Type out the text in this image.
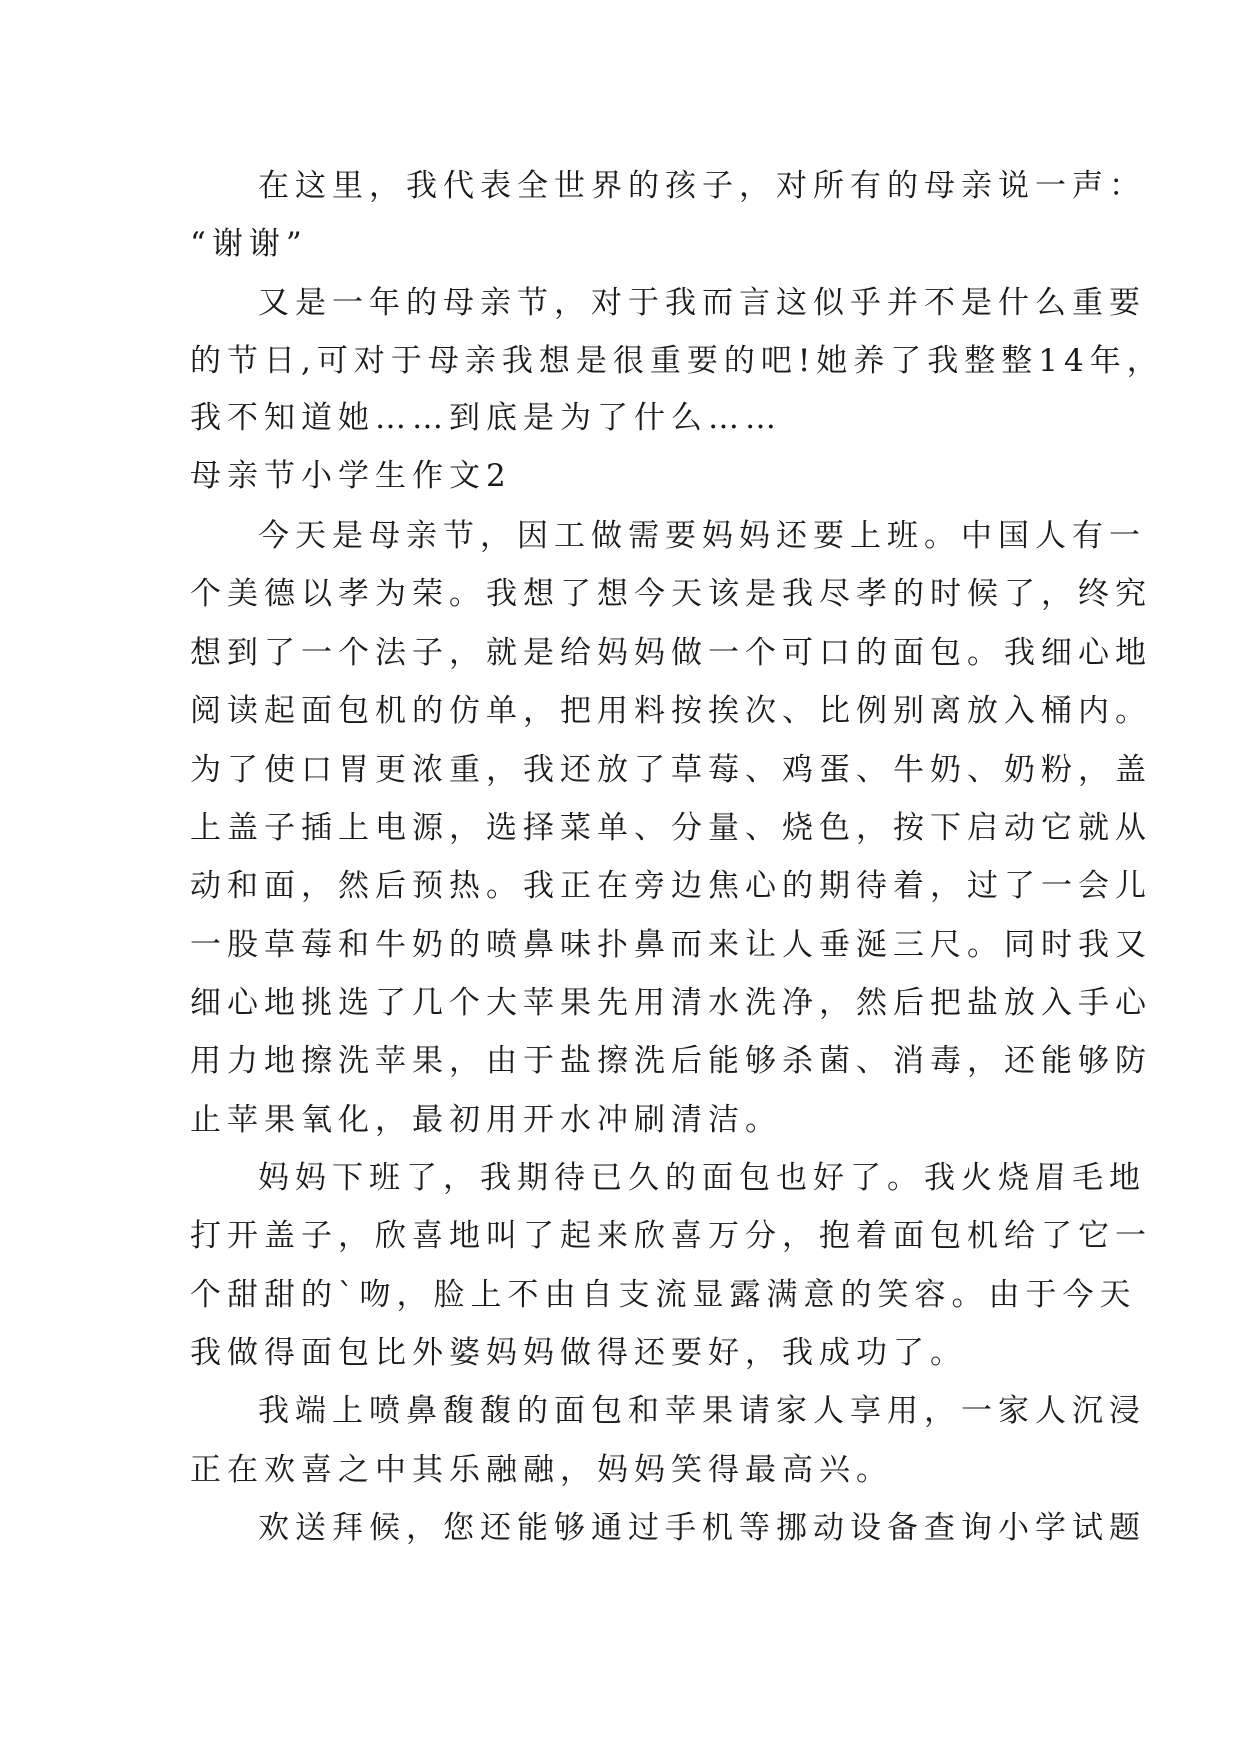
在这里，我代表全世界的孩子，对所有的母亲说一声：
“谢谢”
又是一年的母亲节，对于我而言这似乎并不是什么重要
的节日,可对于母亲我想是很重要的吧!她养了我整整14年，
我不知道她……到底是为了什么……
母亲节小学生作文2
今天是母亲节，因工做需要妈妈还要上班。中国人有一
个美德以孝为荣。我想了想今天该是我尽孝的时候了，终究
想到了一个法子，就是给妈妈做一个可口的面包。我细心地
阅读起面包机的仿单，把用料按挨次、比例别离放入桶内。
为了使口胃更浓重，我还放了草莓、鸡蛋、牛奶、奶粉，盖
上盖子插上电源，选择菜单、分量、烧色，按下启动它就从
动和面，然后预热。我正在旁边焦心的期待着，过了一会儿
一股草莓和牛奶的喷鼻味扑鼻而来让人垂涎三尺。同时我又
细心地挑选了几个大苹果先用清水洗净，然后把盐放入手心
用力地擦洗苹果，由于盐擦洗后能够杀菌、消毒，还能够防
止苹果氧化，最初用开水冲刷清洁。
妈妈下班了，我期待已久的面包也好了。我火烧眉毛地
打开盖子，欣喜地叫了起来欣喜万分，抱着面包机给了它一
个甜甜的`吻，脸上不由自支流显露满意的笑容。由于今天
我做得面包比外婆妈妈做得还要好，我成功了。
我端上喷鼻馥馥的面包和苹果请家人享用，一家人沉浸
正在欢喜之中其乐融融，妈妈笑得最高兴。
欢送拜候，您还能够通过手机等挪动设备查询小学试题
